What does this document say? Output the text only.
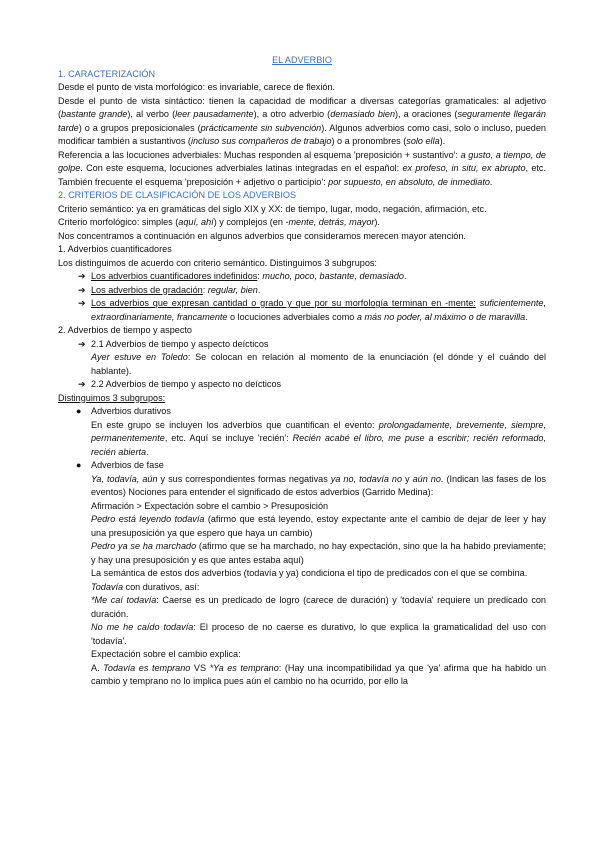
EL ADVERBIO
1. CARACTERIZACIÓN

Desde el punto de vista morfológico: es invariable, carece de flexión.

Desde el punto de vista sintáctico: tienen la capacidad de modificar a diversas categorías gramaticales: al adjetivo (bastante grande), al verbo (leer pausadamente), a otro adverbio (demasiado bien), a oraciones (seguramente llegarán tarde) o a grupos preposicionales (prácticamente sin subvención). Algunos adverbios como casi, solo o incluso, pueden modificar también a sustantivos (incluso sus compañeros de trabajo) o a pronombres (solo ella).

Referencia a las locuciones adverbiales: Muchas responden al esquema 'preposición + sustantivo': a gusto, a tiempo, de golpe. Con este esquema, locuciones adverbiales latinas integradas en el español: ex profeso, in situ, ex abrupto, etc. También frecuente el esquema 'preposición + adjetivo o participio': por supuesto, en absoluto, de inmediato.

2. CRITERIOS DE CLASIFICACIÓN DE LOS ADVERBIOS

Criterio semántico: ya en gramáticas del siglo XIX y XX: de tiempo, lugar, modo, negación, afirmación, etc.

Criterio morfológico: simples (aquí, ahí) y complejos (en -mente, detrás, mayor).

Nos concentramos a continuación en algunos adverbios que consideramos merecen mayor atención.

1. Adverbios cuantificadores

Los distinguimos de acuerdo con criterio semántico. Distinguimos 3 subgrupos:

➔ Los adverbios cuantificadores indefinidos: mucho, poco, bastante, demasiado.
➔ Los adverbios de gradación: regular, bien.
➔ Los adverbios que expresan cantidad o grado y que por su morfología terminan en -mente: suficientemente, extraordinariamente, francamente o locuciones adverbiales como a más no poder, al máximo o de maravilla.

2. Adverbios de tiempo y aspecto

➔ 2.1 Adverbios de tiempo y aspecto deícticos

Ayer estuve en Toledo: Se colocan en relación al momento de la enunciación (el dónde y el cuándo del hablante).

➔ 2.2 Adverbios de tiempo y aspecto no deícticos

Distinguimos 3 subgrupos:

● Adverbios durativos

En este grupo se incluyen los adverbios que cuantifican el evento: prolongadamente, brevemente, siempre, permanentemente, etc. Aquí se incluye 'recién': Recién acabé el libro, me puse a escribir; recién reformado, recién abierta.

● Adverbios de fase

Ya, todavía, aún y sus correspondientes formas negativas ya no, todavía no y aún no. (Indican las fases de los eventos) Nociones para entender el significado de estos adverbios (Garrido Medina):

Afirmación > Expectación sobre el cambio > Presuposición

Pedro está leyendo todavía (afirmo que está leyendo, estoy expectante ante el cambio de dejar de leer y hay una presuposición ya que espero que haya un cambio)

Pedro ya se ha marchado (afirmo que se ha marchado, no hay expectación, sino que la ha habido previamente; y hay una presuposición y es que antes estaba aquí)

La semántica de estos dos adverbios (todavía y ya) condiciona el tipo de predicados con el que se combina.

Todavía con durativos, así:

*Me caí todavía: Caerse es un predicado de logro (carece de duración) y 'todavía' requiere un predicado con duración.

No me he caído todavía: El proceso de no caerse es durativo, lo que explica la gramaticalidad del uso con 'todavía'.

Expectación sobre el cambio explica:

A. Todavía es temprano VS *Ya es temprano: (Hay una incompatibilidad ya que 'ya' afirma que ha habido un cambio y temprano no lo implica pues aún el cambio no ha ocurrido, por ello la
